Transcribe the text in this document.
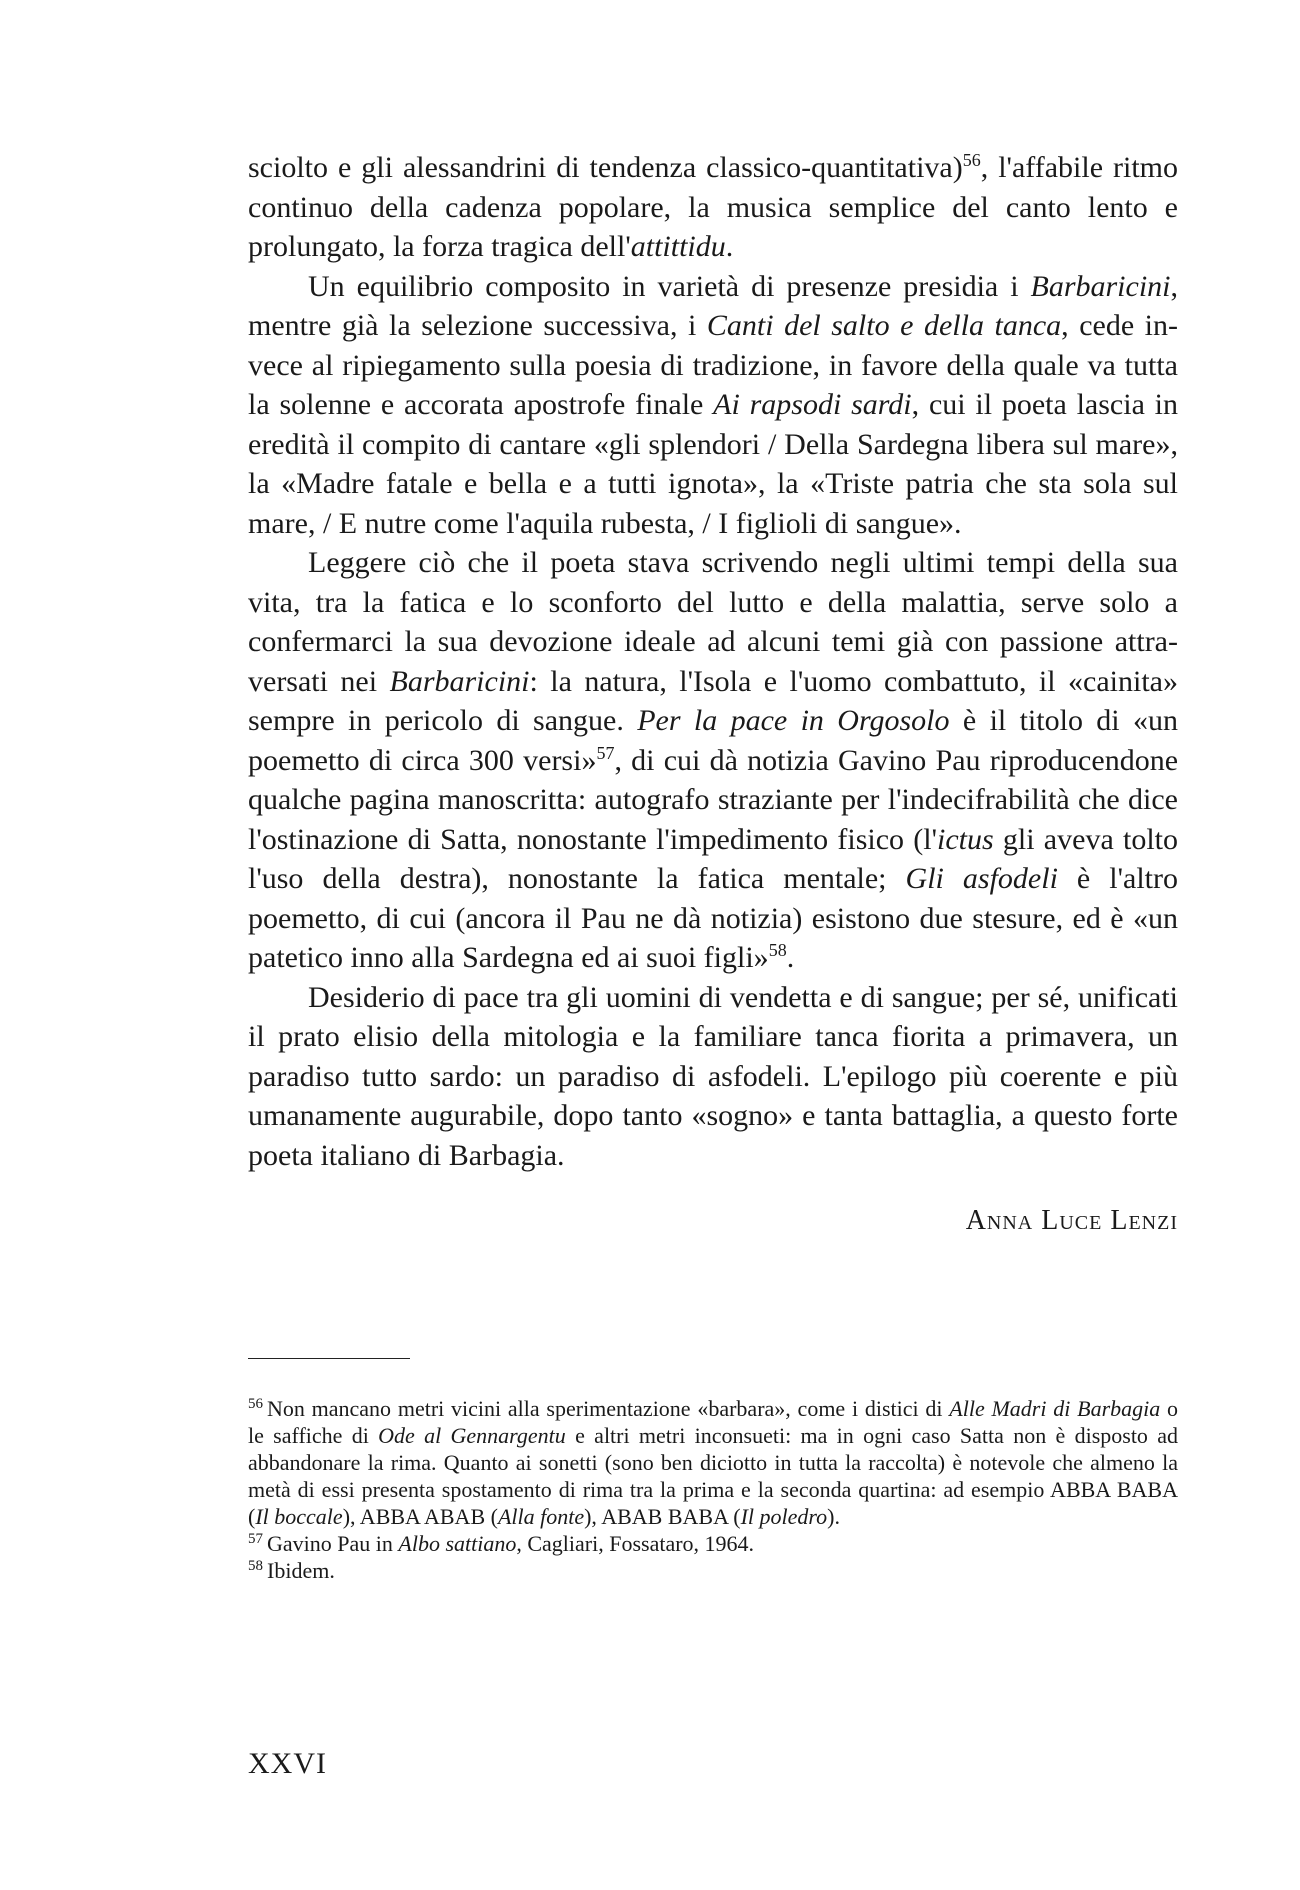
sciolto e gli alessandrini di tendenza classico-quantitativa)$^{56}$, l'affabile ritmo continuo della cadenza popolare, la musica semplice del canto lento e prolungato, la forza tragica dell'attittidu.

Un equilibrio composito in varietà di presenze presidia i Barbaricini, mentre già la selezione successiva, i Canti del salto e della tanca, cede invece al ripiegamento sulla poesia di tradizione, in favore della quale va tutta la solenne e accorata apostrofe finale Ai rapsodi sardi, cui il poeta lascia in eredità il compito di cantare «gli splendori / Della Sardegna libera sul mare», la «Madre fatale e bella e a tutti ignota», la «Triste patria che sta sola sul mare, / E nutre come l'aquila rubesta, / I figlioli di sangue».

Leggere ciò che il poeta stava scrivendo negli ultimi tempi della sua vita, tra la fatica e lo sconforto del lutto e della malattia, serve solo a confermarci la sua devozione ideale ad alcuni temi già con passione attraversati nei Barbaricini: la natura, l'Isola e l'uomo combattuto, il «cainita» sempre in pericolo di sangue. Per la pace in Orgosolo è il titolo di «un poemetto di circa 300 versi»$^{57}$, di cui dà notizia Gavino Pau riproducendone qualche pagina manoscritta: autografo straziante per l'indecifrabilità che dice l'ostinazione di Satta, nonostante l'impedimento fisico (l'ictus gli aveva tolto l'uso della destra), nonostante la fatica mentale; Gli asfodeli è l'altro poemetto, di cui (ancora il Pau ne dà notizia) esistono due stesure, ed è «un patetico inno alla Sardegna ed ai suoi figli»$^{58}$.

Desiderio di pace tra gli uomini di vendetta e di sangue; per sé, unificati il prato elisio della mitologia e la familiare tanca fiorita a primavera, un paradiso tutto sardo: un paradiso di asfodeli. L'epilogo più coerente e più umanamente augurabile, dopo tanto «sogno» e tanta battaglia, a questo forte poeta italiano di Barbagia.

Anna Luce Lenzi

$^{56}$ Non mancano metri vicini alla sperimentazione «barbara», come i distici di Alle Madri di Barbagia o le saffiche di Ode al Gennargentu e altri metri inconsueti: ma in ogni caso Satta non è disposto ad abbandonare la rima. Quanto ai sonetti (sono ben diciotto in tutta la raccolta) è notevole che almeno la metà di essi presenta spostamento di rima tra la prima e la seconda quartina: ad esempio ABBA BABA (Il boccale), ABBA ABAB (Alla fonte), ABAB BABA (Il poledro).

$^{57}$ Gavino Pau in Albo sattiano, Cagliari, Fossataro, 1964.

$^{58}$ Ibidem.

XXVI
